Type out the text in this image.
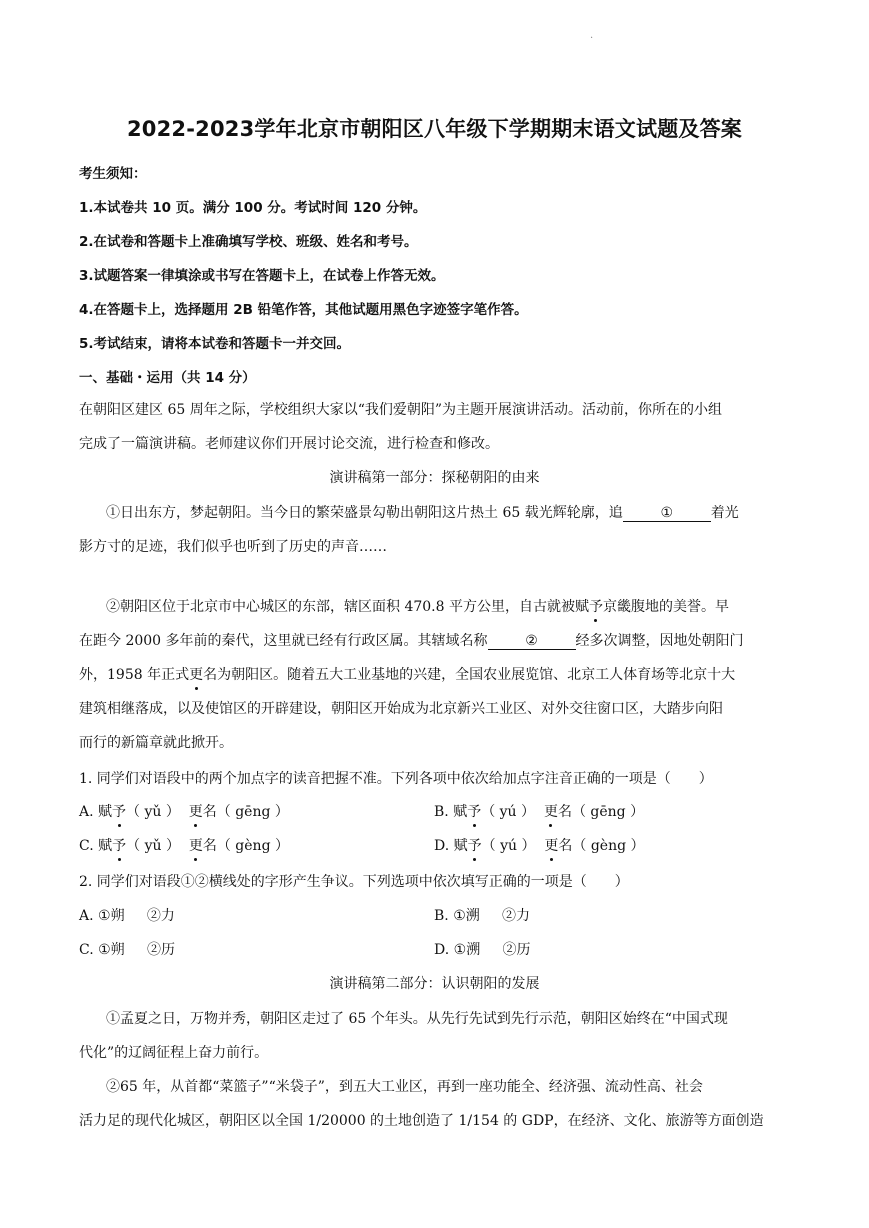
.
2022-2023学年北京市朝阳区八年级下学期期末语文试题及答案
考生须知：
1.本试卷共 10 页。满分 100 分。考试时间 120 分钟。
2.在试卷和答题卡上准确填写学校、班级、姓名和考号。
3.试题答案一律填涂或书写在答题卡上，在试卷上作答无效。
4.在答题卡上，选择题用 2B 铅笔作答，其他试题用黑色字迹签字笔作答。
5.考试结束，请将本试卷和答题卡一并交回。
一、基础・运用（共 14 分）
在朝阳区建区 65 周年之际，学校组织大家以“我们爱朝阳”为主题开展演讲活动。活动前，你所在的小组
完成了一篇演讲稿。老师建议你们开展讨论交流，进行检查和修改。
演讲稿第一部分：探秘朝阳的由来
①日出东方，梦起朝阳。当今日的繁荣盛景勾勒出朝阳这片热土 65 载光辉轮廓，追	①	着光
影方寸的足迹，我们似乎也听到了历史的声音……
②朝阳区位于北京市中心城区的东部，辖区面积 470.8 平方公里，自古就被赋予京畿腹地的美誉。早
在距今 2000 多年前的秦代，这里就已经有行政区属。其辖域名称	②	经多次调整，因地处朝阳门
外，1958 年正式更名为朝阳区。随着五大工业基地的兴建，全国农业展览馆、北京工人体育场等北京十大
建筑相继落成，以及使馆区的开辟建设，朝阳区开始成为北京新兴工业区、对外交往窗口区，大踏步向阳
而行的新篇章就此掀开。
1. 同学们对语段中的两个加点字的读音把握不准。下列各项中依次给加点字注音正确的一项是（　　）
A. 赋予（ yǔ ） 更名（ gēng ）	B. 赋予（ yú ） 更名（ gēng ）
C. 赋予（ yǔ ） 更名（ gèng ）	D. 赋予（ yú ） 更名（ gèng ）
2. 同学们对语段①②横线处的字形产生争议。下列选项中依次填写正确的一项是（　　）
A. ①朔 ②力	B. ①溯 ②力
C. ①朔 ②历	D. ①溯 ②历
演讲稿第二部分：认识朝阳的发展
①孟夏之日，万物并秀，朝阳区走过了 65 个年头。从先行先试到先行示范，朝阳区始终在“中国式现
代化”的辽阔征程上奋力前行。
②65 年，从首都“菜篮子”“米袋子”，到五大工业区，再到一座功能全、经济强、流动性高、社会
活力足的现代化城区，朝阳区以全国 1/20000 的土地创造了 1/154 的 GDP，在经济、文化、旅游等方面创造
